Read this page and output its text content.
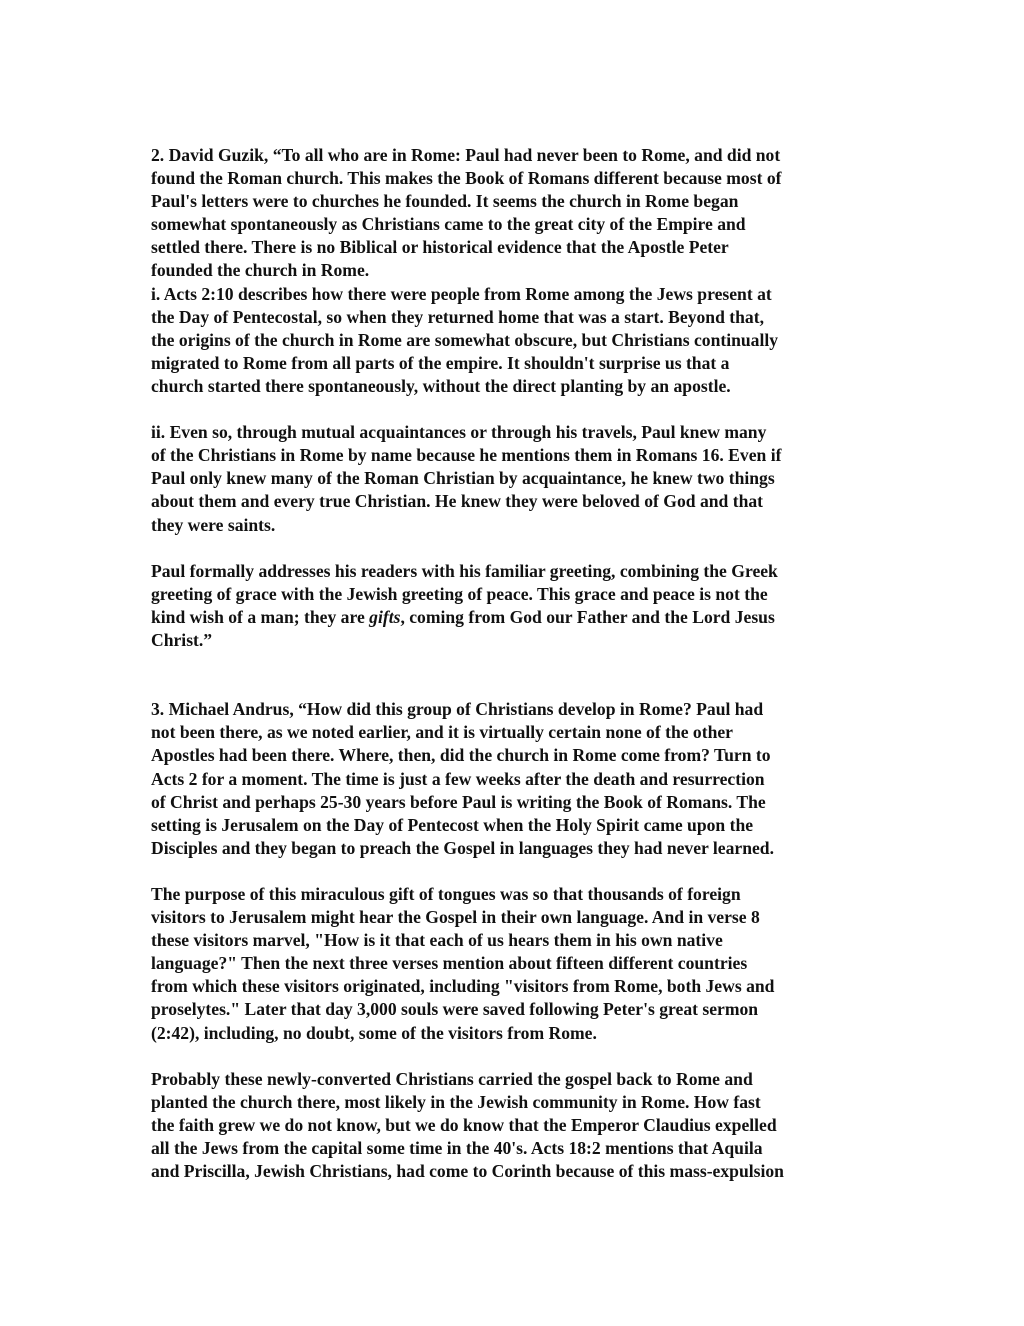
2. David Guzik, “To all who are in Rome: Paul had never been to Rome, and did not
found the Roman church. This makes the Book of Romans different because most of
Paul's letters were to churches he founded. It seems the church in Rome began
somewhat spontaneously as Christians came to the great city of the Empire and
settled there. There is no Biblical or historical evidence that the Apostle Peter
founded the church in Rome.
i. Acts 2:10 describes how there were people from Rome among the Jews present at
the Day of Pentecostal, so when they returned home that was a start. Beyond that,
the origins of the church in Rome are somewhat obscure, but Christians continually
migrated to Rome from all parts of the empire. It shouldn't surprise us that a
church started there spontaneously, without the direct planting by an apostle.
ii. Even so, through mutual acquaintances or through his travels, Paul knew many
of the Christians in Rome by name because he mentions them in Romans 16. Even if
Paul only knew many of the Roman Christian by acquaintance, he knew two things
about them and every true Christian. He knew they were beloved of God and that
they were saints.
Paul formally addresses his readers with his familiar greeting, combining the Greek
greeting of grace with the Jewish greeting of peace. This grace and peace is not the
kind wish of a man; they are gifts, coming from God our Father and the Lord Jesus
Christ.”
3. Michael Andrus, “How did this group of Christians develop in Rome? Paul had
not been there, as we noted earlier, and it is virtually certain none of the other
Apostles had been there. Where, then, did the church in Rome come from? Turn to
Acts 2 for a moment. The time is just a few weeks after the death and resurrection
of Christ and perhaps 25-30 years before Paul is writing the Book of Romans. The
setting is Jerusalem on the Day of Pentecost when the Holy Spirit came upon the
Disciples and they began to preach the Gospel in languages they had never learned.
The purpose of this miraculous gift of tongues was so that thousands of foreign
visitors to Jerusalem might hear the Gospel in their own language. And in verse 8
these visitors marvel, "How is it that each of us hears them in his own native
language?" Then the next three verses mention about fifteen different countries
from which these visitors originated, including "visitors from Rome, both Jews and
proselytes." Later that day 3,000 souls were saved following Peter's great sermon
(2:42), including, no doubt, some of the visitors from Rome.
Probably these newly-converted Christians carried the gospel back to Rome and
planted the church there, most likely in the Jewish community in Rome. How fast
the faith grew we do not know, but we do know that the Emperor Claudius expelled
all the Jews from the capital some time in the 40's. Acts 18:2 mentions that Aquila
and Priscilla, Jewish Christians, had come to Corinth because of this mass-expulsion
